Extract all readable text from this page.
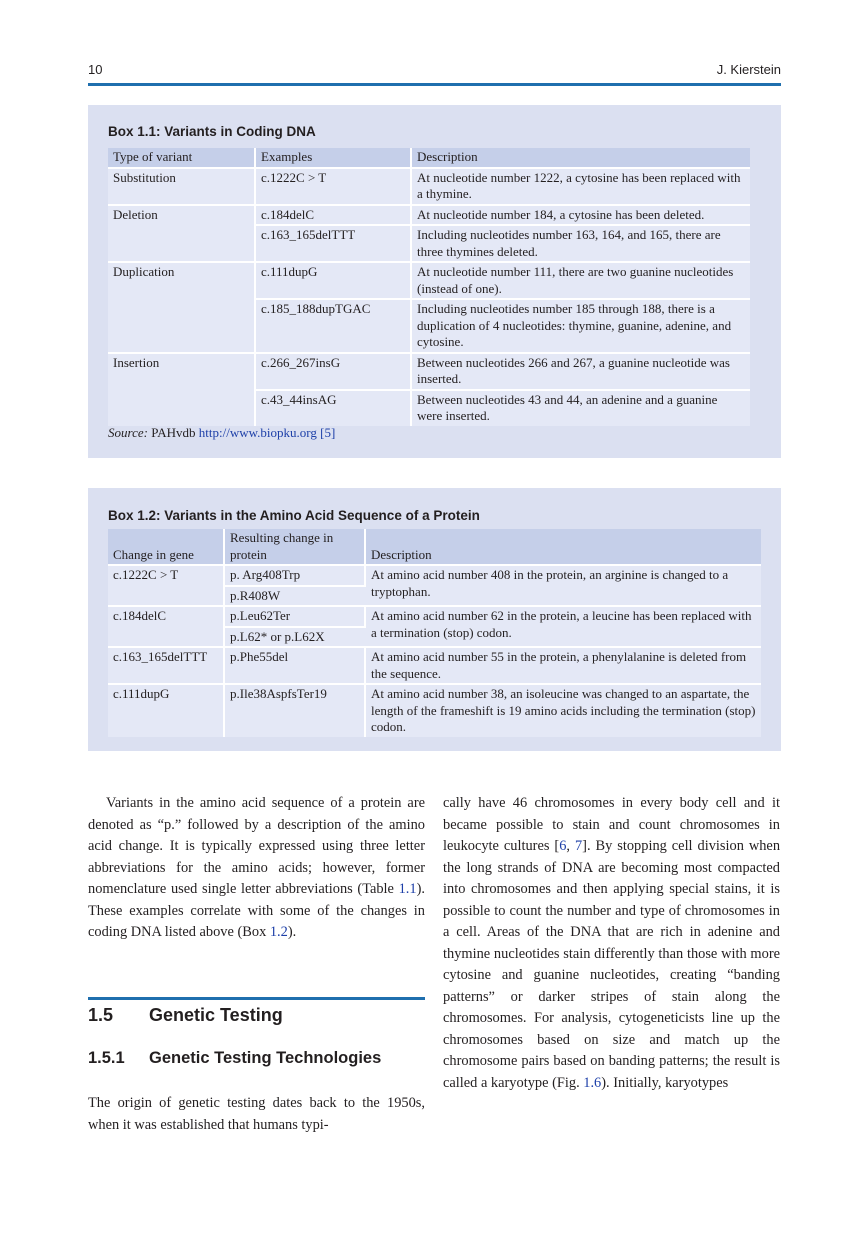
10	J. Kierstein
Box 1.1: Variants in Coding DNA
Type of variant	Examples	Description
Substitution	c.1222C > T	At nucleotide number 1222, a cytosine has been replaced with a thymine.
Deletion	c.184delC	At nucleotide number 184, a cytosine has been deleted.
	c.163_165delTTT	Including nucleotides number 163, 164, and 165, there are three thymines deleted.
Duplication	c.111dupG	At nucleotide number 111, there are two guanine nucleotides (instead of one).
	c.185_188dupTGAC	Including nucleotides number 185 through 188, there is a duplication of 4 nucleotides: thymine, guanine, adenine, and cytosine.
Insertion	c.266_267insG	Between nucleotides 266 and 267, a guanine nucleotide was inserted.
	c.43_44insAG	Between nucleotides 43 and 44, an adenine and a guanine were inserted.
Source: PAHvdb http://www.biopku.org [5]
Box 1.2: Variants in the Amino Acid Sequence of a Protein
Change in gene	Resulting change in protein	Description
c.1222C > T	p. Arg408Trp	At amino acid number 408 in the protein, an arginine is changed to a tryptophan.
	p.R408W	
c.184delC	p.Leu62Ter	At amino acid number 62 in the protein, a leucine has been replaced with a termination (stop) codon.
	p.L62* or p.L62X	
c.163_165delTTT	p.Phe55del	At amino acid number 55 in the protein, a phenylalanine is deleted from the sequence.
c.111dupG	p.Ile38AspfsTer19	At amino acid number 38, an isoleucine was changed to an aspartate, the length of the frameshift is 19 amino acids including the termination (stop) codon.

Variants in the amino acid sequence of a protein are denoted as “p.” followed by a description of the amino acid change. It is typically expressed using three letter abbreviations for the amino acids; however, former nomenclature used single letter abbreviations (Table 1.1). These examples correlate with some of the changes in coding DNA listed above (Box 1.2).

1.5 Genetic Testing
1.5.1 Genetic Testing Technologies

The origin of genetic testing dates back to the 1950s, when it was established that humans typi-

cally have 46 chromosomes in every body cell and it became possible to stain and count chromosomes in leukocyte cultures [6, 7]. By stopping cell division when the long strands of DNA are becoming most compacted into chromosomes and then applying special stains, it is possible to count the number and type of chromosomes in a cell. Areas of the DNA that are rich in adenine and thymine nucleotides stain differently than those with more cytosine and guanine nucleotides, creating “banding patterns” or darker stripes of stain along the chromosomes. For analysis, cytogeneticists line up the chromosomes based on size and match up the chromosome pairs based on banding patterns; the result is called a karyotype (Fig. 1.6). Initially, karyotypes
